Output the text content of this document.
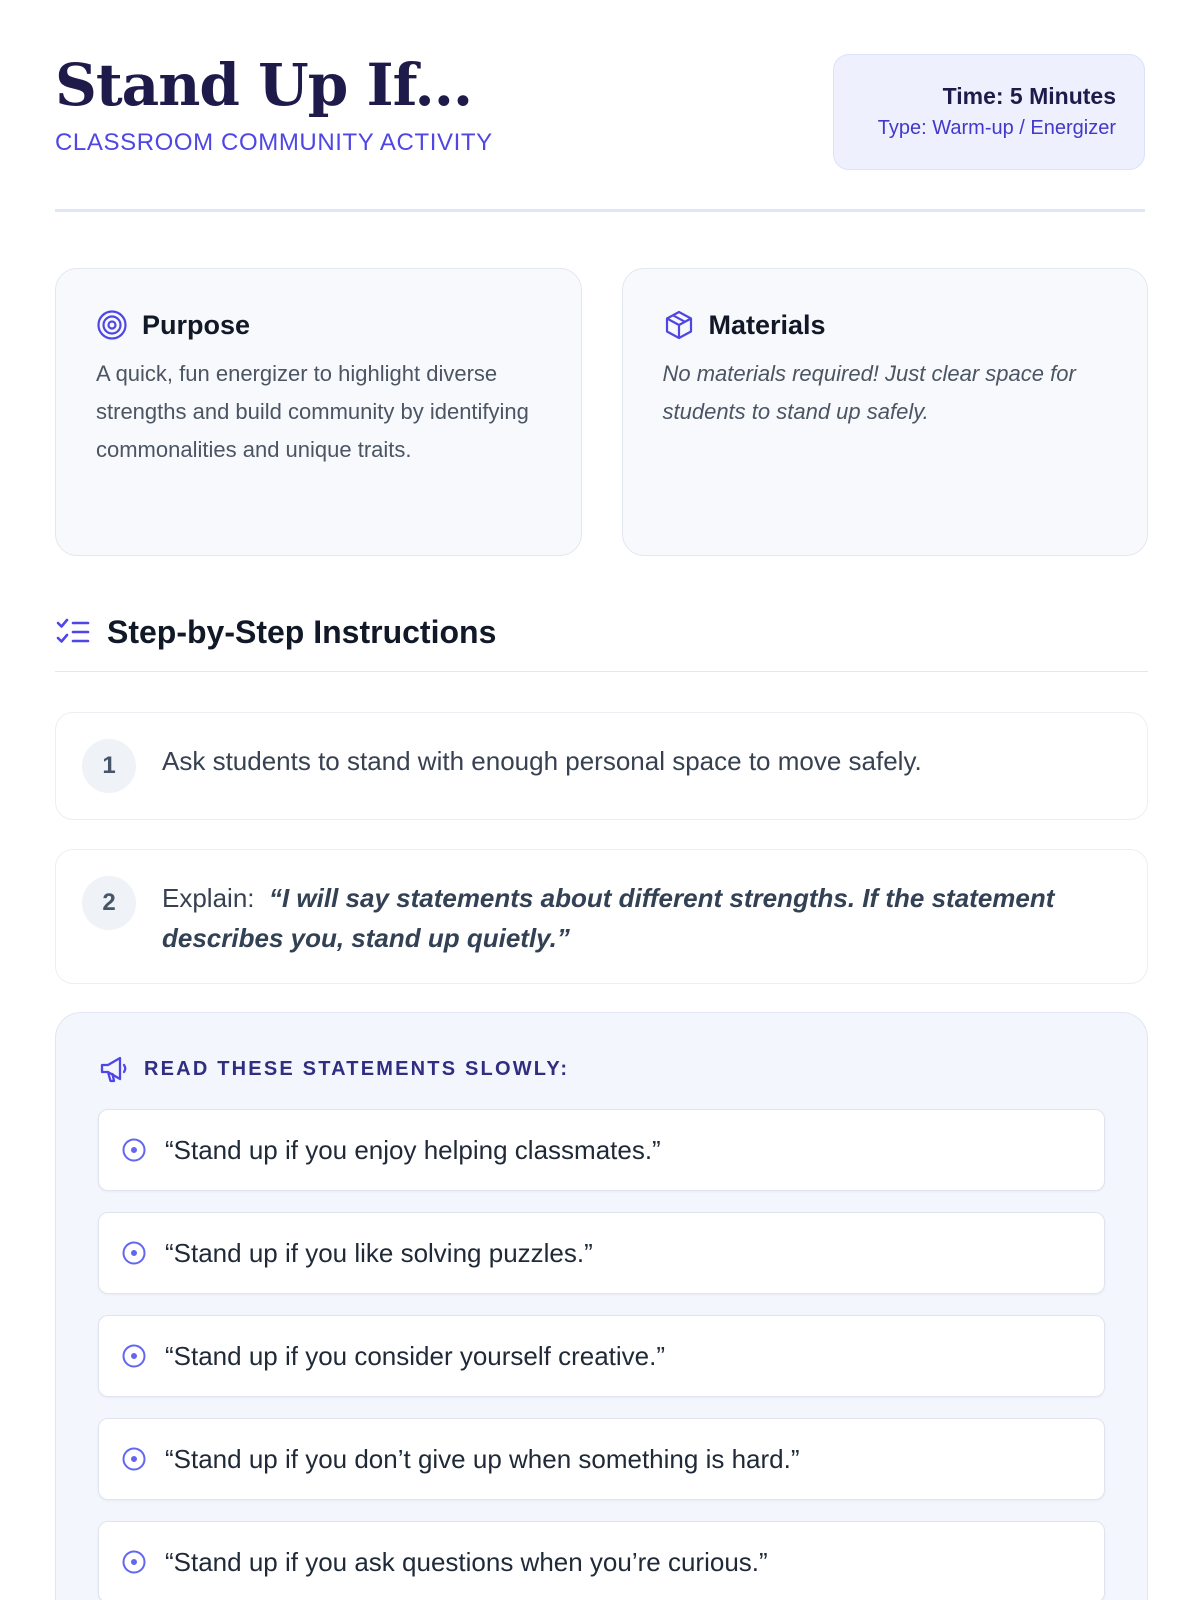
Stand Up If...
CLASSROOM COMMUNITY ACTIVITY
Time: 5 Minutes
Type: Warm-up / Energizer
Purpose

A quick, fun energizer to highlight diverse strengths and build community by identifying commonalities and unique traits.

Materials

No materials required! Just clear space for students to stand up safely.

Step-by-Step Instructions
1	Ask students to stand with enough personal space to move safely.
2	Explain: “I will say statements about different strengths. If the statement describes you, stand up quietly.”
READ THESE STATEMENTS SLOWLY:
“Stand up if you enjoy helping classmates.”
“Stand up if you like solving puzzles.”
“Stand up if you consider yourself creative.”
“Stand up if you don’t give up when something is hard.”
“Stand up if you ask questions when you’re curious.”
